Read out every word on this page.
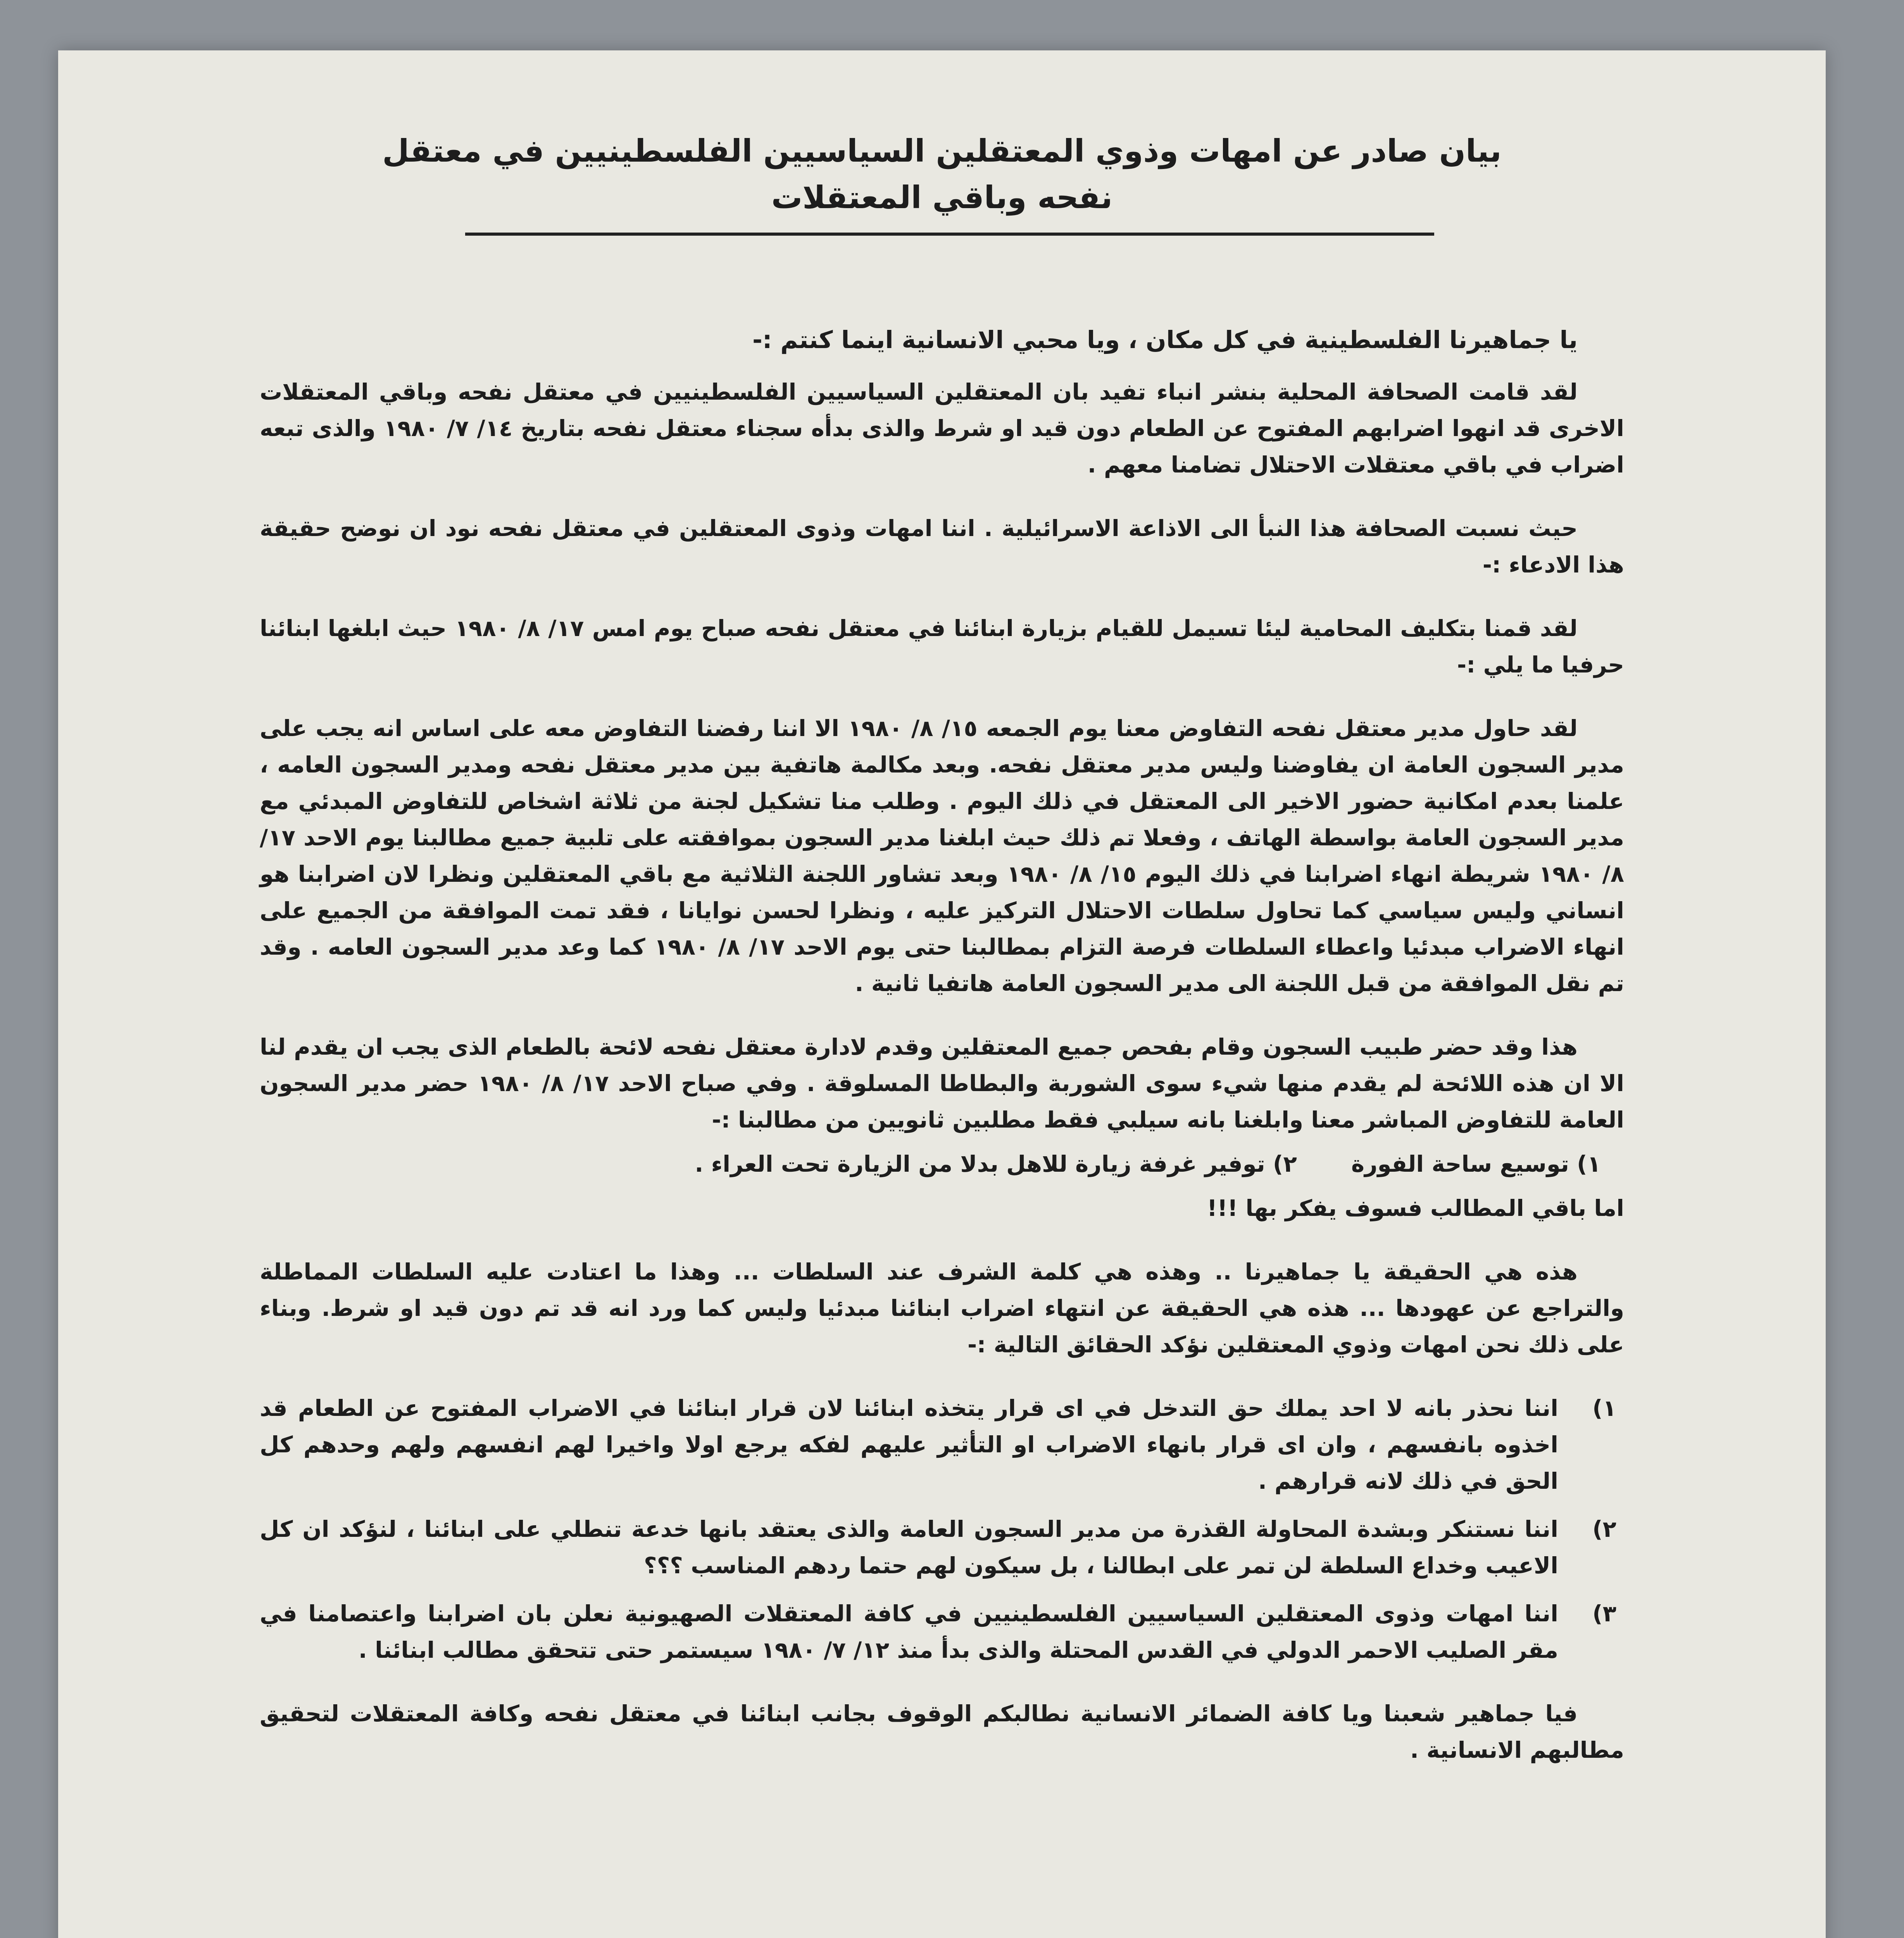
بيان صادر عن امهات وذوي المعتقلين السياسيين الفلسطينيين في معتقل
نفحه وباقي المعتقلات
يا جماهيرنا الفلسطينية في كل مكان ، ويا محبي الانسانية اينما كنتم :-
لقد قامت الصحافة المحلية بنشر انباء تفيد بان المعتقلين السياسيين الفلسطينيين في معتقل نفحه وباقي المعتقلات الاخرى قد انهوا اضرابهم المفتوح عن الطعام دون قيد او شرط والذى بدأه سجناء معتقل نفحه بتاريخ ١٤/ ٧/ ١٩٨٠ والذى تبعه اضراب في باقي معتقلات الاحتلال تضامنا معهم .
حيث نسبت الصحافة هذا النبأ الى الاذاعة الاسرائيلية . اننا امهات وذوى المعتقلين في معتقل نفحه نود ان نوضح حقيقة هذا الادعاء :-
لقد قمنا بتكليف المحامية ليئا تسيمل للقيام بزيارة ابنائنا في معتقل نفحه صباح يوم امس ١٧/ ٨/ ١٩٨٠ حيث ابلغها ابنائنا حرفيا ما يلي :-
لقد حاول مدير معتقل نفحه التفاوض معنا يوم الجمعه ١٥/ ٨/ ١٩٨٠ الا اننا رفضنا التفاوض معه على اساس انه يجب على مدير السجون العامة ان يفاوضنا وليس مدير معتقل نفحه. وبعد مكالمة هاتفية بين مدير معتقل نفحه ومدير السجون العامه ، علمنا بعدم امكانية حضور الاخير الى المعتقل في ذلك اليوم . وطلب منا تشكيل لجنة من ثلاثة اشخاص للتفاوض المبدئي مع مدير السجون العامة بواسطة الهاتف ، وفعلا تم ذلك حيث ابلغنا مدير السجون بموافقته على تلبية جميع مطالبنا يوم الاحد ١٧/ ٨/ ١٩٨٠ شريطة انهاء اضرابنا في ذلك اليوم ١٥/ ٨/ ١٩٨٠ وبعد تشاور اللجنة الثلاثية مع باقي المعتقلين ونظرا لان اضرابنا هو انساني وليس سياسي كما تحاول سلطات الاحتلال التركيز عليه ، ونظرا لحسن نوايانا ، فقد تمت الموافقة من الجميع على انهاء الاضراب مبدئيا واعطاء السلطات فرصة التزام بمطالبنا حتى يوم الاحد ١٧/ ٨/ ١٩٨٠ كما وعد مدير السجون العامه . وقد تم نقل الموافقة من قبل اللجنة الى مدير السجون العامة هاتفيا ثانية .
هذا وقد حضر طبيب السجون وقام بفحص جميع المعتقلين وقدم لادارة معتقل نفحه لائحة بالطعام الذى يجب ان يقدم لنا الا ان هذه اللائحة لم يقدم منها شيء سوى الشوربة والبطاطا المسلوقة . وفي صباح الاحد ١٧/ ٨/ ١٩٨٠ حضر مدير السجون العامة للتفاوض المباشر معنا وابلغنا بانه سيلبي فقط مطلبين ثانويين من مطالبنا :-
١) توسيع ساحة الفورة
٢) توفير غرفة زيارة للاهل بدلا من الزيارة تحت العراء .
اما باقي المطالب فسوف يفكر بها !!!
هذه هي الحقيقة يا جماهيرنا .. وهذه هي كلمة الشرف عند السلطات ... وهذا ما اعتادت عليه السلطات المماطلة والتراجع عن عهودها ... هذه هي الحقيقة عن انتهاء اضراب ابنائنا مبدئيا وليس كما ورد انه قد تم دون قيد او شرط. وبناء على ذلك نحن امهات وذوي المعتقلين نؤكد الحقائق التالية :-
١)
اننا نحذر بانه لا احد يملك حق التدخل في اى قرار يتخذه ابنائنا لان قرار ابنائنا في الاضراب المفتوح عن الطعام قد اخذوه بانفسهم ، وان اى قرار بانهاء الاضراب او التأثير عليهم لفكه يرجع اولا واخيرا لهم انفسهم ولهم وحدهم كل الحق في ذلك لانه قرارهم .
٢)
اننا نستنكر وبشدة المحاولة القذرة من مدير السجون العامة والذى يعتقد بانها خدعة تنطلي على ابنائنا ، لنؤكد ان كل الاعيب وخداع السلطة لن تمر على ابطالنا ، بل سيكون لهم حتما ردهم المناسب ؟؟؟
٣)
اننا امهات وذوى المعتقلين السياسيين الفلسطينيين في كافة المعتقلات الصهيونية نعلن بان اضرابنا واعتصامنا في مقر الصليب الاحمر الدولي في القدس المحتلة والذى بدأ منذ ١٢/ ٧/ ١٩٨٠ سيستمر حتى تتحقق مطالب ابنائنا .
فيا جماهير شعبنا ويا كافة الضمائر الانسانية نطالبكم الوقوف بجانب ابنائنا في معتقل نفحه وكافة المعتقلات لتحقيق مطالبهم الانسانية .
